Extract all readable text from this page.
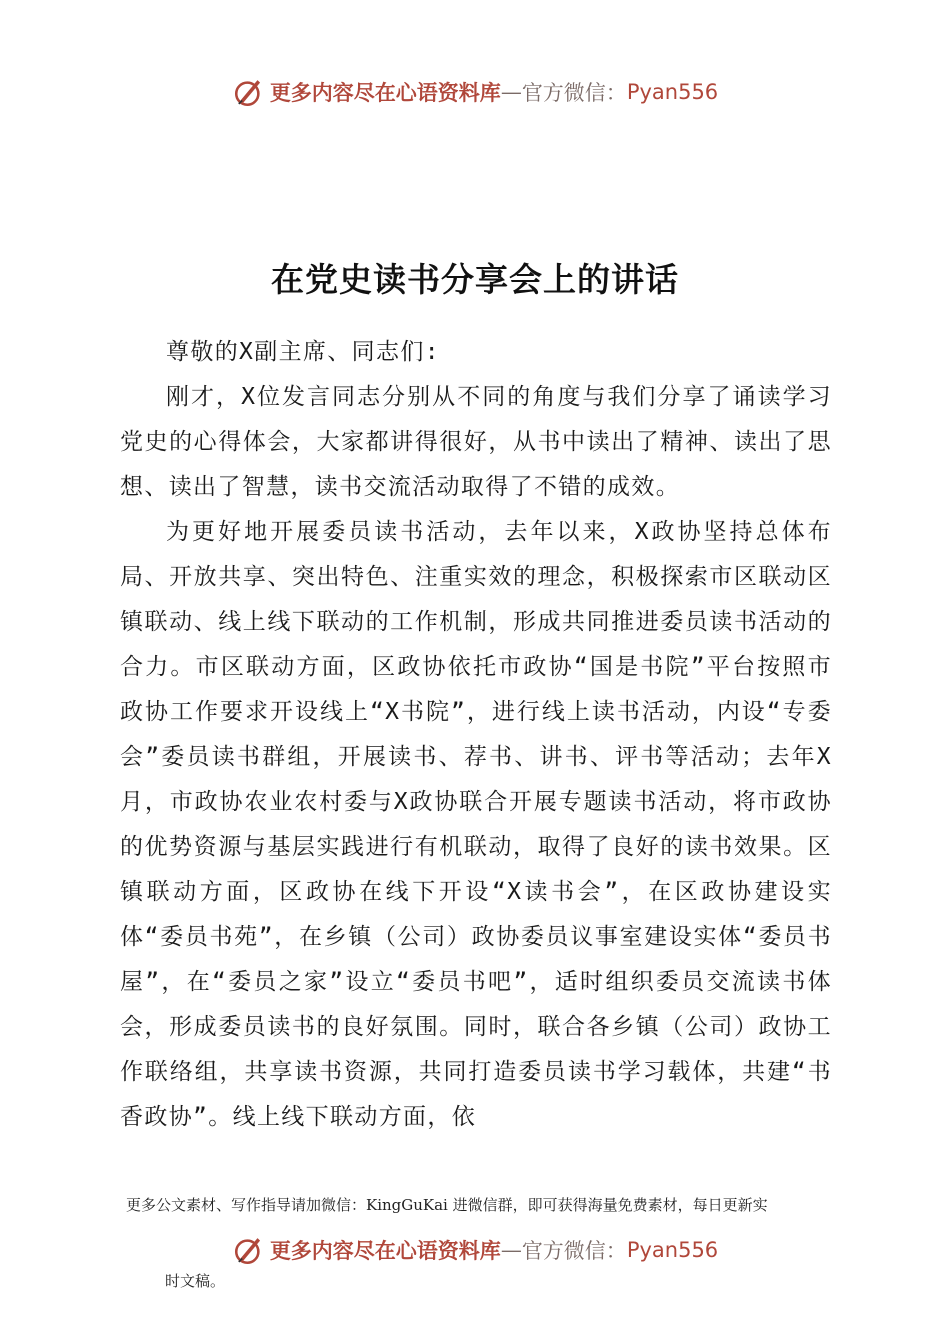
更多内容尽在心语资料库 — 官方微信： Pyan556
在党史读书分享会上的讲话

尊敬的X副主席、同志们:

刚才，X位发言同志分别从不同的角度与我们分享了诵读学习党史的心得体会，大家都讲得很好，从书中读出了精神、读出了思想、读出了智慧，读书交流活动取得了不错的成效。

为更好地开展委员读书活动，去年以来，X政协坚持总体布局、开放共享、突出特色、注重实效的理念，积极探索市区联动区镇联动、线上线下联动的工作机制，形成共同推进委员读书活动的合力。市区联动方面，区政协依托市政协“国是书院”平台按照市政协工作要求开设线上“X书院”，进行线上读书活动，内设“专委会”委员读书群组，开展读书、荐书、讲书、评书等活动；去年X月，市政协农业农村委与X政协联合开展专题读书活动，将市政协的优势资源与基层实践进行有机联动，取得了良好的读书效果。区镇联动方面，区政协在线下开设“X读书会”，在区政协建设实体“委员书苑”，在乡镇（公司）政协委员议事室建设实体“委员书屋”，在“委员之家”设立“委员书吧”，适时组织委员交流读书体会，形成委员读书的良好氛围。同时，联合各乡镇（公司）政协工作联络组，共享读书资源，共同打造委员读书学习载体，共建“书香政协”。线上线下联动方面，依

更多公文素材、写作指导请加微信：KingGuKai 进微信群，即可获得海量免费素材，每日更新实
更多内容尽在心语资料库 — 官方微信： Pyan556
时文稿。
